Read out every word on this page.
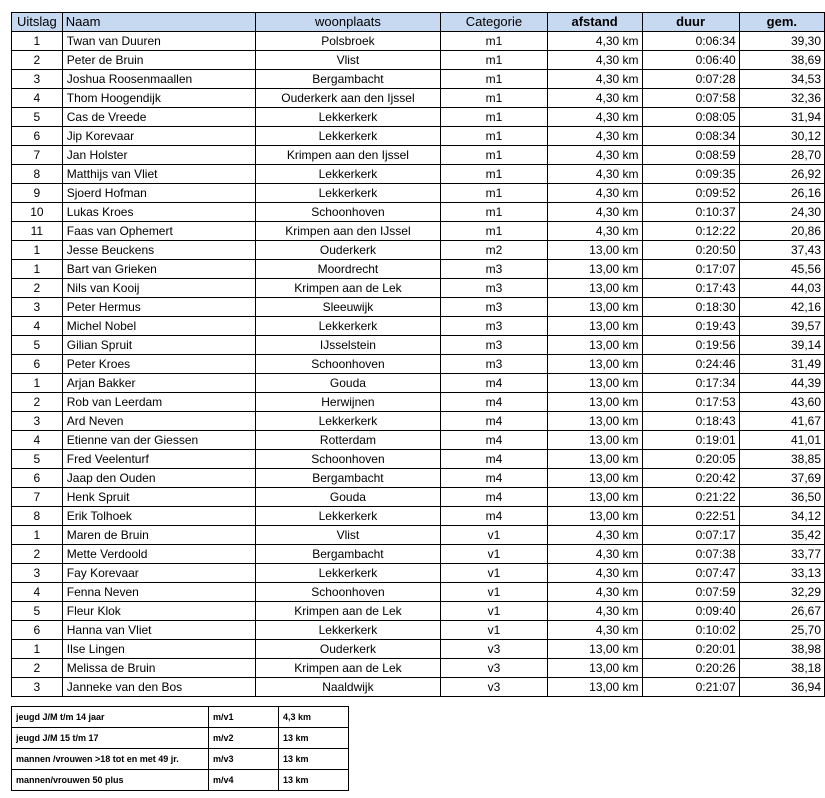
Uitslag	Naam	woonplaats	Categorie	afstand	duur	gem.
1	Twan van Duuren	Polsbroek	m1	4,30 km	0:06:34	39,30
2	Peter de Bruin	Vlist	m1	4,30 km	0:06:40	38,69
3	Joshua Roosenmaallen	Bergambacht	m1	4,30 km	0:07:28	34,53
4	Thom Hoogendijk	Ouderkerk aan den Ijssel	m1	4,30 km	0:07:58	32,36
5	Cas de Vreede	Lekkerkerk	m1	4,30 km	0:08:05	31,94
6	Jip Korevaar	Lekkerkerk	m1	4,30 km	0:08:34	30,12
7	Jan Holster	Krimpen aan den Ijssel	m1	4,30 km	0:08:59	28,70
8	Matthijs van Vliet	Lekkerkerk	m1	4,30 km	0:09:35	26,92
9	Sjoerd Hofman	Lekkerkerk	m1	4,30 km	0:09:52	26,16
10	Lukas Kroes	Schoonhoven	m1	4,30 km	0:10:37	24,30
11	Faas van Ophemert	Krimpen aan den IJssel	m1	4,30 km	0:12:22	20,86
1	Jesse Beuckens	Ouderkerk	m2	13,00 km	0:20:50	37,43
1	Bart van Grieken	Moordrecht	m3	13,00 km	0:17:07	45,56
2	Nils van Kooij	Krimpen aan de Lek	m3	13,00 km	0:17:43	44,03
3	Peter Hermus	Sleeuwijk	m3	13,00 km	0:18:30	42,16
4	Michel Nobel	Lekkerkerk	m3	13,00 km	0:19:43	39,57
5	Gilian Spruit	IJsselstein	m3	13,00 km	0:19:56	39,14
6	Peter Kroes	Schoonhoven	m3	13,00 km	0:24:46	31,49
1	Arjan Bakker	Gouda	m4	13,00 km	0:17:34	44,39
2	Rob van Leerdam	Herwijnen	m4	13,00 km	0:17:53	43,60
3	Ard Neven	Lekkerkerk	m4	13,00 km	0:18:43	41,67
4	Etienne van der Giessen	Rotterdam	m4	13,00 km	0:19:01	41,01
5	Fred Veelenturf	Schoonhoven	m4	13,00 km	0:20:05	38,85
6	Jaap den Ouden	Bergambacht	m4	13,00 km	0:20:42	37,69
7	Henk Spruit	Gouda	m4	13,00 km	0:21:22	36,50
8	Erik Tolhoek	Lekkerkerk	m4	13,00 km	0:22:51	34,12
1	Maren de Bruin	Vlist	v1	4,30 km	0:07:17	35,42
2	Mette Verdoold	Bergambacht	v1	4,30 km	0:07:38	33,77
3	Fay Korevaar	Lekkerkerk	v1	4,30 km	0:07:47	33,13
4	Fenna Neven	Schoonhoven	v1	4,30 km	0:07:59	32,29
5	Fleur Klok	Krimpen aan de Lek	v1	4,30 km	0:09:40	26,67
6	Hanna van Vliet	Lekkerkerk	v1	4,30 km	0:10:02	25,70
1	Ilse Lingen	Ouderkerk	v3	13,00 km	0:20:01	38,98
2	Melissa de Bruin	Krimpen aan de Lek	v3	13,00 km	0:20:26	38,18
3	Janneke van den Bos	Naaldwijk	v3	13,00 km	0:21:07	36,94
jeugd J/M t/m 14 jaar	m/v1	4,3 km
jeugd J/M 15 t/m 17	m/v2	13 km
mannen /vrouwen >18 tot en met 49 jr.	m/v3	13 km
mannen/vrouwen 50 plus	m/v4	13 km
